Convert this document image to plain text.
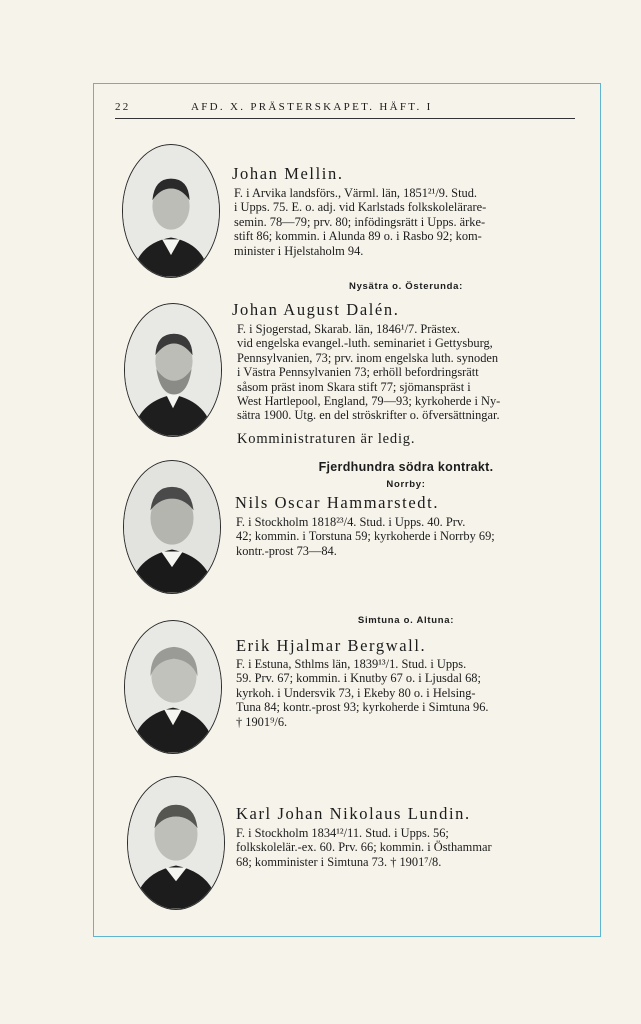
22	AFD. X. PRÄSTERSKAPET. HÄFT. I
Johan Mellin.
F. i Arvika landsförs., Värml. län, 1851²¹/9. Stud.
i Upps. 75. E. o. adj. vid Karlstads folkskolelärare-
semin. 78—79; prv. 80; infödingsrätt i Upps. ärke-
stift 86; kommin. i Alunda 89 o. i Rasbo 92; kom-
minister i Hjelstaholm 94.
Nysätra o. Österunda:
Johan August Dalén.
F. i Sjogerstad, Skarab. län, 1846¹/7. Prästex.
vid engelska evangel.-luth. seminariet i Gettysburg,
Pennsylvanien, 73; prv. inom engelska luth. synoden
i Västra Pennsylvanien 73; erhöll befordringsrätt
såsom präst inom Skara stift 77; sjömanspräst i
West Hartlepool, England, 79—93; kyrkoherde i Ny-
sätra 1900. Utg. en del ströskrifter o. öfversättningar.
Komministraturen är ledig.
Fjerdhundra södra kontrakt.
Norrby:
Nils Oscar Hammarstedt.
F. i Stockholm 1818²³/4. Stud. i Upps. 40. Prv.
42; kommin. i Torstuna 59; kyrkoherde i Norrby 69;
kontr.-prost 73—84.
Simtuna o. Altuna:
Erik Hjalmar Bergwall.
F. i Estuna, Sthlms län, 1839¹³/1. Stud. i Upps.
59. Prv. 67; kommin. i Knutby 67 o. i Ljusdal 68;
kyrkoh. i Undersvik 73, i Ekeby 80 o. i Helsing-
Tuna 84; kontr.-prost 93; kyrkoherde i Simtuna 96.
† 1901⁹/6.
Karl Johan Nikolaus Lundin.
F. i Stockholm 1834¹²/11. Stud. i Upps. 56;
folkskolelär.-ex. 60. Prv. 66; kommin. i Östhammar
68; komminister i Simtuna 73. † 1901⁷/8.
